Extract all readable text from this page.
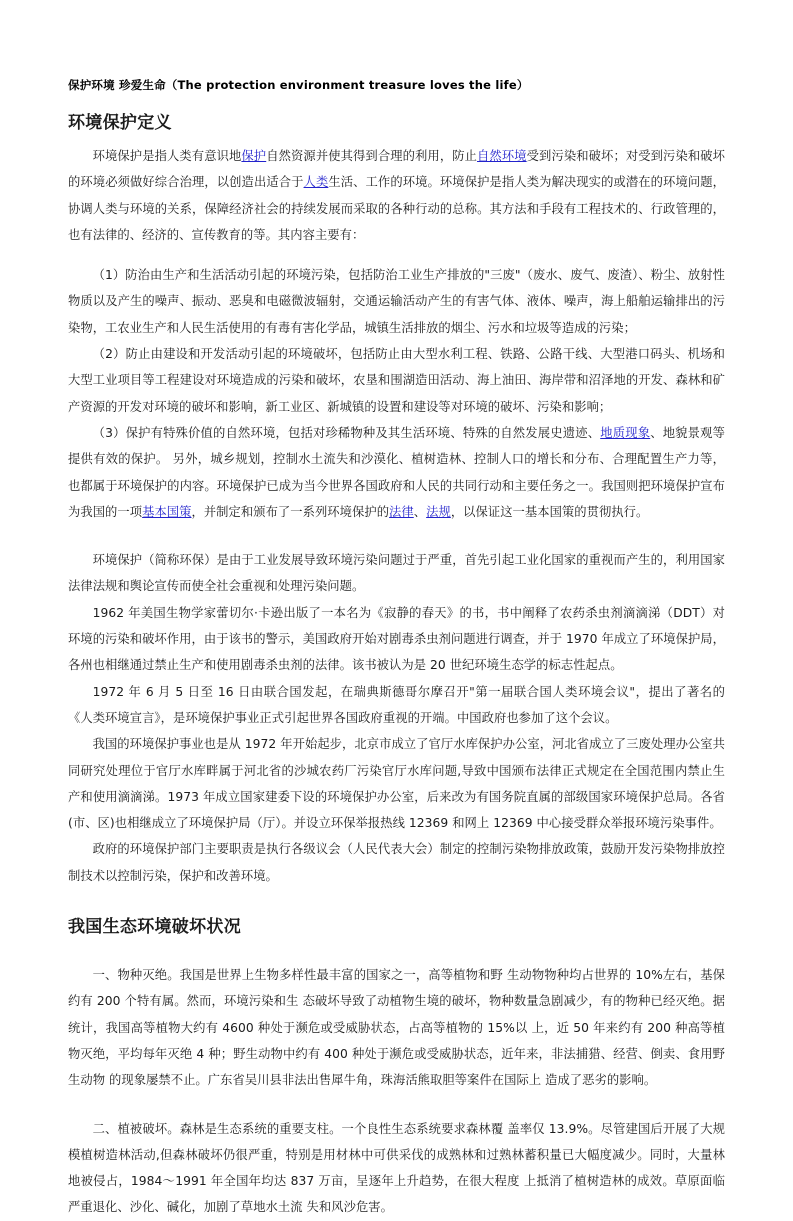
保护环境 珍爱生命（The protection environment treasure loves the life）
环境保护定义

环境保护是指人类有意识地保护自然资源并使其得到合理的利用，防止自然环境受到污染和破坏；对受到污染和破坏的环境必须做好综合治理，以创造出适合于人类生活、工作的环境。环境保护是指人类为解决现实的或潜在的环境问题，协调人类与环境的关系，保障经济社会的持续发展而采取的各种行动的总称。其方法和手段有工程技术的、行政管理的，也有法律的、经济的、宣传教育的等。其内容主要有：

（1）防治由生产和生活活动引起的环境污染，包括防治工业生产排放的"三废"（废水、废气、废渣）、粉尘、放射性物质以及产生的噪声、振动、恶臭和电磁微波辐射，交通运输活动产生的有害气体、液体、噪声，海上船舶运输排出的污染物，工农业生产和人民生活使用的有毒有害化学品，城镇生活排放的烟尘、污水和垃圾等造成的污染；

（2）防止由建设和开发活动引起的环境破坏，包括防止由大型水利工程、铁路、公路干线、大型港口码头、机场和大型工业项目等工程建设对环境造成的污染和破坏，农垦和围湖造田活动、海上油田、海岸带和沼泽地的开发、森林和矿产资源的开发对环境的破坏和影响，新工业区、新城镇的设置和建设等对环境的破坏、污染和影响；

（3）保护有特殊价值的自然环境，包括对珍稀物种及其生活环境、特殊的自然发展史遗迹、地质现象、地貌景观等提供有效的保护。 另外，城乡规划，控制水土流失和沙漠化、植树造林、控制人口的增长和分布、合理配置生产力等，也都属于环境保护的内容。环境保护已成为当今世界各国政府和人民的共同行动和主要任务之一。我国则把环境保护宣布为我国的一项基本国策，并制定和颁布了一系列环境保护的法律、法规，以保证这一基本国策的贯彻执行。

环境保护（简称环保）是由于工业发展导致环境污染问题过于严重，首先引起工业化国家的重视而产生的，利用国家法律法规和舆论宣传而使全社会重视和处理污染问题。

1962 年美国生物学家蕾切尔·卡逊出版了一本名为《寂静的春天》的书，书中阐释了农药杀虫剂滴滴涕（DDT）对环境的污染和破坏作用，由于该书的警示，美国政府开始对剧毒杀虫剂问题进行调查，并于 1970 年成立了环境保护局，各州也相继通过禁止生产和使用剧毒杀虫剂的法律。该书被认为是 20 世纪环境生态学的标志性起点。

1972 年 6 月 5 日至 16 日由联合国发起，在瑞典斯德哥尔摩召开"第一届联合国人类环境会议"，提出了著名的《人类环境宣言》，是环境保护事业正式引起世界各国政府重视的开端。中国政府也参加了这个会议。

我国的环境保护事业也是从 1972 年开始起步，北京市成立了官厅水库保护办公室，河北省成立了三废处理办公室共同研究处理位于官厅水库畔属于河北省的沙城农药厂污染官厅水库问题,导致中国颁布法律正式规定在全国范围内禁止生产和使用滴滴涕。1973 年成立国家建委下设的环境保护办公室，后来改为有国务院直属的部级国家环境保护总局。各省(市、区)也相继成立了环境保护局（厅）。并设立环保举报热线 12369 和网上 12369 中心接受群众举报环境污染事件。

政府的环境保护部门主要职责是执行各级议会（人民代表大会）制定的控制污染物排放政策，鼓励开发污染物排放控制技术以控制污染，保护和改善环境。

我国生态环境破坏状况

一、物种灭绝。我国是世界上生物多样性最丰富的国家之一，高等植物和野 生动物物种均占世界的 10%左右，基保约有 200 个特有属。然而，环境污染和生 态破坏导致了动植物生境的破坏，物种数量急剧减少，有的物种已经灭绝。据统计，我国高等植物大约有 4600 种处于濒危或受威胁状态，占高等植物的 15%以 上，近 50 年来约有 200 种高等植物灭绝，平均每年灭绝 4 种；野生动物中约有 400 种处于濒危或受威胁状态，近年来，非法捕猎、经营、倒卖、食用野生动物 的现象屡禁不止。广东省吴川县非法出售犀牛角，珠海活熊取胆等案件在国际上 造成了恶劣的影响。

二、植被破坏。森林是生态系统的重要支柱。一个良性生态系统要求森林覆 盖率仅 13.9%。尽管建国后开展了大规模植树造林活动,但森林破坏仍很严重，特别是用材林中可供采伐的成熟林和过熟林蓄积量已大幅度减少。同时，大量林 地被侵占，1984～1991 年全国年均达 837 万亩，呈逐年上升趋势，在很大程度 上抵消了植树造林的成效。草原面临严重退化、沙化、碱化，加剧了草地水土流 失和风沙危害。
